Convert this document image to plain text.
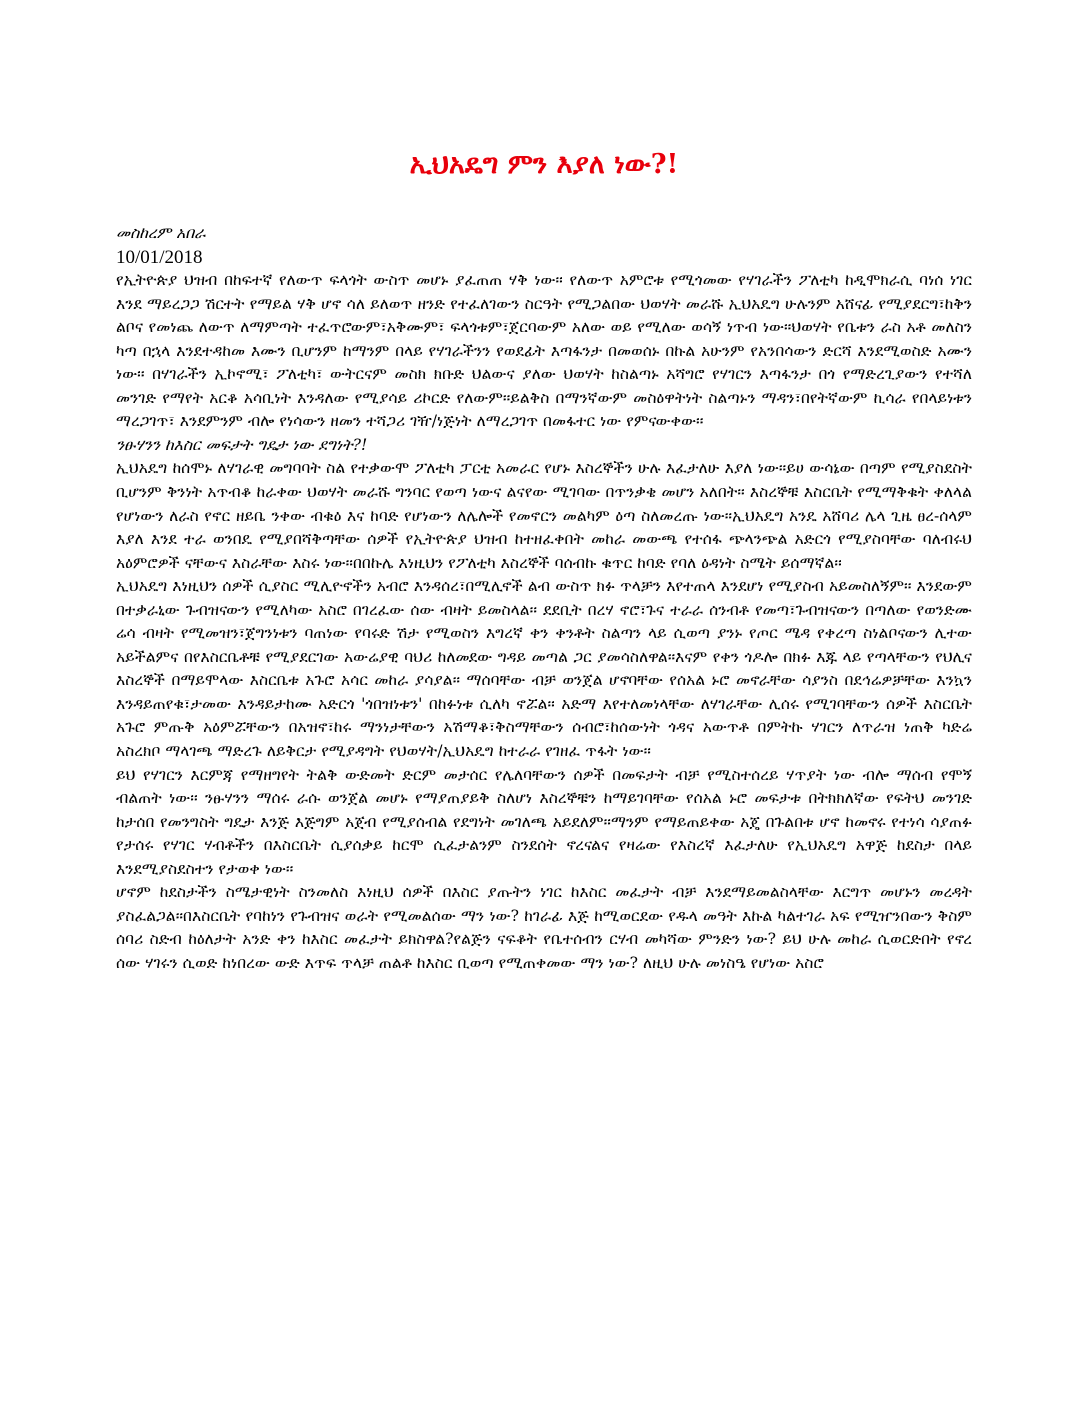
ኢህአዴግ ምን እያለ ነው?!

መስከረም አበራ

10/01/2018

የኢትዮጵያ ህዝብ በከፍተኛ የለውጥ ፍላጎት ውስጥ መሆኑ ያፈጠጠ ሃቅ ነው፡፡ የለውጥ አምሮቱ የሚጎመው የሃገራችን ፖለቲካ ከዲሞክራሲ ባነሰ ነገር እንደ ማይረጋጋ ሽርተት የማይል ሃቅ ሆኖ ሳለ ይለወጥ ዘንድ የተፈለገውን ስርዓት የሚጋልበው ህወሃት መራሹ ኢህአዴግ ሁሉንም አሸናፊ የሚያደርግ፣ከቅን ልቦና የመነጨ ለውጥ ለማምጣት ተፈጥሮውም፣አቅሙም፣ ፍላጎቱም፣ጀርባውም አለው ወይ የሚለው ወሳኝ ነጥብ ነው፡፡ህወሃት የቤቱን ራስ አቶ መለስን ካጣ በኋላ እንደተዳከመ እሙን ቢሆንም ከማንም በላይ የሃገራችንን የወደፊት እጣፋንታ በመወሰኑ በኩል አሁንም የአንበሳውን ድርሻ እንደሚወስድ አሙን ነው፡፡ በሃገራችን ኢኮኖሚ፣ ፖለቲካ፣ ውትርናም መስክ ክቡድ ህልውና ያለው ህወሃት ከስልጣኑ አሻግሮ የሃገርን እጣፋንታ በጎ የማድረጊያውን የተሻለ መንገድ የማየት አርቆ አሳቢነት እንዳለው የሚያሳይ ሪኮርድ የለውም፡፡ይልቅስ በማንኛውም መስዕዋትነት ስልጣኑን ማዳን፣በየትኛውም ኪሳራ የበላይነቱን ማረጋገጥ፣ እንደምንም ብሎ የነሳውን ዘመን ተሻጋሪ ገዥ/ነጅነት ለማረጋገጥ በመፋተር ነው የምናውቀው፡፡

ንፁሃንን ከእስር መፍታት ግዴታ ነው ደግነት?!

ኢህአዴግ ከሰሞኑ ለሃገራዊ መግባባት ስል የተቃውሞ ፖለቲካ ፓርቲ አመራር የሆኑ እስረኞችን ሁሉ እፈታለሁ እያለ ነው፡፡ይሀ ውሳኔው በጣም የሚያስደስት ቢሆንም ቅንነት አጥብቆ ከራቀው ህወሃት መራሹ ግንባር የወጣ ነውና ልናየው ሚገባው በጥንቃቄ መሆን አለበት፡፡ እስረኞቹ እስርቤት የሚማቅቁት ቀለላል የሆነውን ለራስ የኖር ዘይቤ ንቀው ብቁዕ እና ከባድ የሆነውን ለሌሎች የመኖርን መልካም ዕጣ ስለመረጡ ነው፡፡ኢህአዴግ አንዴ አሸባሪ ሌላ ጊዜ ፀረ-ሰላም እያለ እንደ ተራ ወንበዴ የሚያበሻቅጣቸው ሰዎች የኢትዮጵያ ህዝብ ከተዘፈቀበት መከራ መውጫ የተሰፋ ጭላንጭል አድርጎ የሚያስባቸው ባለብሩህ አዕምሮዎች ናቸውና እስራቸው እስሩ ነው፡፡በበኩሌ እነዚህን የፖለቲካ እስረኞች ባሰብኩ ቁጥር ከባድ የባለ ዕዳነት ስሜት ይሰማኛል፡፡

ኢህአዴግ እነዚህን ሰዎች ሲያስር ሚሊዮኖችን አብሮ እንዳሰረ፣በሚሊኖች ልብ ውስጥ ክፉ ጥላቻን እየተጠላ እንደሆነ የሚያስብ አይመስለኝም፡፡ እንደውም በተቃራኒው ጉብዝናውን የሚለካው አስሮ በገረፈው ሰው ብዛት ይመስላል፡፡ ደደቢት በረሃ ኖሮ፣ጉና ተራራ ሰንብቶ የመጣ፣ጉብዝናውን በጣለው የወንድሙ ሬሳ ብዛት የሚመዝን፣ጀግንነቱን ባጠነው የባሩድ ሽታ የሚወስን እግረኛ ቀን ቀንቶት ስልጣን ላይ ሲወጣ ያንኑ የጦር ሜዳ የቀረጣ ስነልቦናውን ሊተው አይችልምና በየእስርቤቶቹ የሚያደርገው አውሬያዊ ባህሪ ከለመደው ግዳይ መጣል ጋር ያመሳስለዋል፡፡እናም የቀን ጎዶሎ በክፉ እጁ ላይ የጣላቸውን የህሊና እስረኞች በማይሞላው እስርቤቱ አጉሮ አሳር መከራ ያሳያል፡፡ ማሰባቸው ብቻ ወንጀል ሆኖባቸው የሰአል ኑሮ መኖራቸው ሳያንስ በደኅሬዎቻቸው እንኳን እንዳይጠየቁ፣ታመው እንዳይታከሙ አድርጎ 'ጎበዝነቱን' በከፉነቱ ሲለካ ኖሯል፡፡ አድማ እየተለመነላቸው ለሃገራቸው ሊሰሩ የሚገባቸውን ሰዎች እስርቤት አጉሮ ምጡቅ አዕምሯቸውን በአዝኖ፣ከሩ ማንነታቸውን አሽማቆ፣ቅስማቸውን ሰብሮ፣ከሰውነት ጎዳና አውጥቶ በምትኩ ሃገርን ለጥራዝ ነጠቅ ካድሬ አስረክቦ ማላገጫ ማድረጉ ለይቅርታ የሚያዳግት የህወሃት/ኢህአዴግ ከተራራ የገዘፈ ጥፋት ነው፡፡

ይህ የሃገርን እርምጃ የማዘግየት ትልቅ ውድመት ድርም መታሰር የሌለባቸውን ሰዎች በመፍታት ብቻ የሚስተሰረይ ሃጥያት ነው ብሎ ማሰብ የሞኝ ብልጠት ነው፡፡ ንፁሃንን ማሰሩ ራሱ ወንጀል መሆኑ የማያጠያይቅ ስለሆነ እስረኞቹን ከማይገባቸው የሰአል ኑሮ መፍታቱ በትክክለኛው የፍትህ መንገድ ከታሰበ የመንግስት ግዴታ እንጅ እጅግም አጀብ የሚያሰብል የደግነት መገለጫ አይደለም፡፡ማንም የማይጠይቀው አጄ በጉልበቱ ሆኖ ከመኖሩ የተነሳ ሳያጠፉ የታሰሩ የሃገር ሃብቶችን በእስርቤት ሲያሰቃይ ከርሞ ሲፈታልንም ስንደሰት ኖረናልና የዛሬው የእስረኛ እፈታለሁ የኢህአዴግ አዋጅ ከደስታ በላይ እንደሚያስደስተን የታወቀ ነው፡፡

ሆኖም ከደስታችን ስሜታዊነት ስንመለስ እነዚህ ሰዎች በእስር ያጡትን ነገር ከእስር መፈታት ብቻ እንደማይመልስላቸው እርግጥ መሆኑን መረዳት ያስፈልጋል፡፡በእስርቤት የባከነን የጉብዝና ወራት የሚመልሰው ማን ነው? ከገራፊ እጅ ከሚወርደው የዱላ መዓት እኩል ካልተገራ አፍ የሚዠንበውን ቅስም ሰባሪ ስድብ ከዕለታት አንድ ቀን ከእስር መፈታት ይክስዋል?የልጅን ናፍቆት የቤተሰብን ርሃብ መካሻው ምንድን ነው? ይህ ሁሉ መከራ ሲወርድበት የኖረ ሰው ሃገሩን ሲወድ ከነበረው ውድ እጥፍ ጥላቻ ጠልቶ ከእስር ቢወጣ የሚጠቀመው ማን ነው? ለዚህ ሁሉ መነስዔ የሆነው አስሮ
